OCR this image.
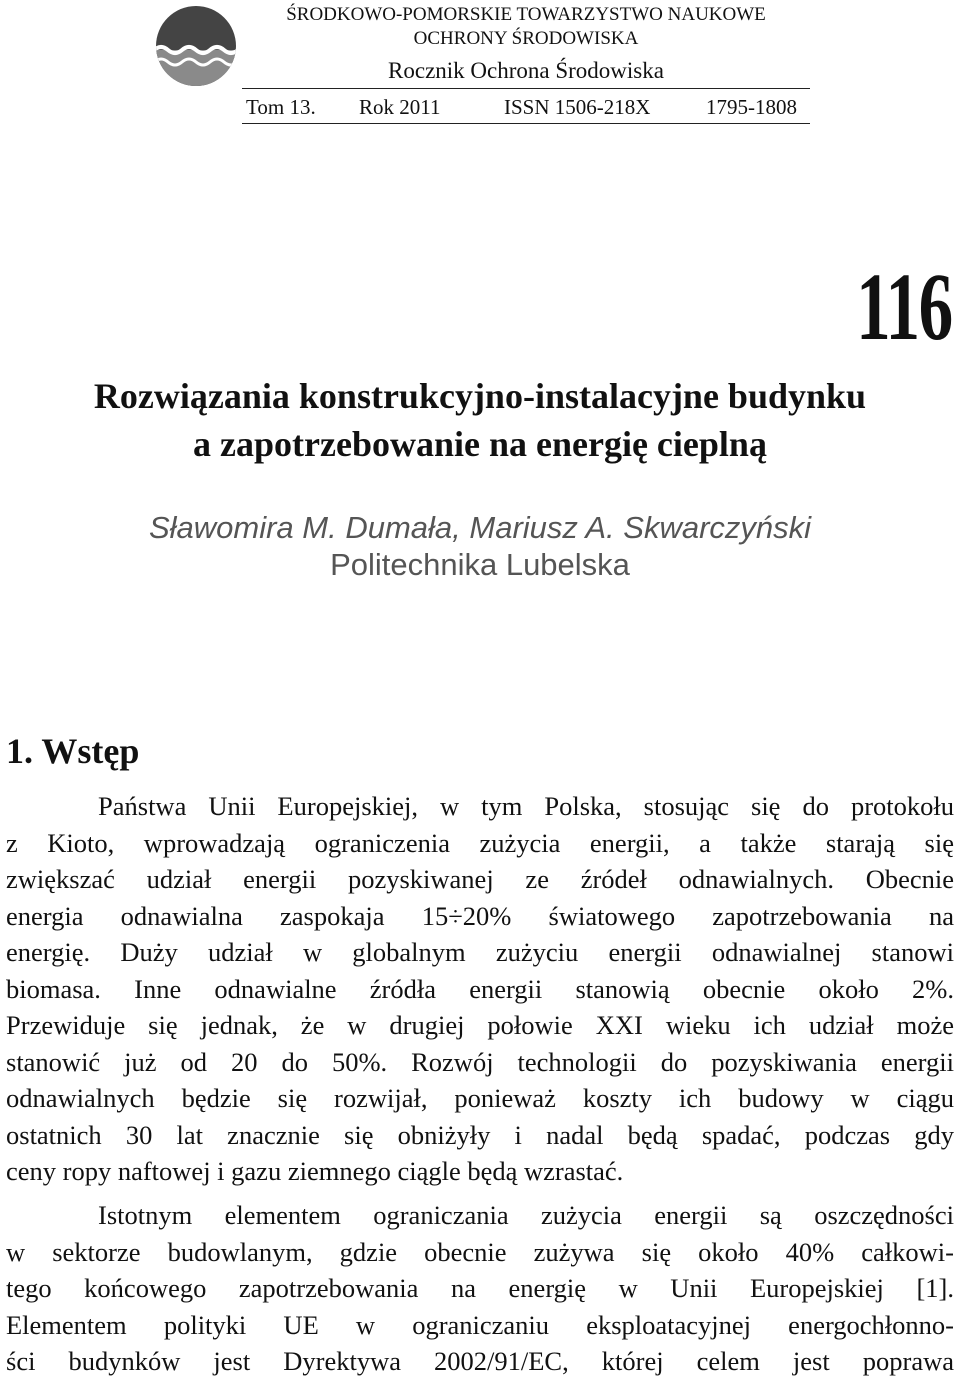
ŚRODKOWO-POMORSKIE TOWARZYSTWO NAUKOWE
OCHRONY ŚRODOWISKA
Rocznik Ochrona Środowiska
Tom 13. Rok 2011	ISSN 1506-218X	1795-1808
116
Rozwiązania konstrukcyjno-instalacyjne budynku
a zapotrzebowanie na energię cieplną
Sławomira M. Dumała, Mariusz A. Skwarczyński
Politechnika Lubelska
1. Wstęp
Państwa Unii Europejskiej, w tym Polska, stosując się do protokołu
z Kioto, wprowadzają ograniczenia zużycia energii, a także starają się
zwiększać udział energii pozyskiwanej ze źródeł odnawialnych. Obecnie
energia odnawialna zaspokaja 15÷20% światowego zapotrzebowania na
energię. Duży udział w globalnym zużyciu energii odnawialnej stanowi
biomasa. Inne odnawialne źródła energii stanowią obecnie około 2%.
Przewiduje się jednak, że w drugiej połowie XXI wieku ich udział może
stanowić już od 20 do 50%. Rozwój technologii do pozyskiwania energii
odnawialnych będzie się rozwijał, ponieważ koszty ich budowy w ciągu
ostatnich 30 lat znacznie się obniżyły i nadal będą spadać, podczas gdy
ceny ropy naftowej i gazu ziemnego ciągle będą wzrastać.
Istotnym elementem ograniczania zużycia energii są oszczędności
w sektorze budowlanym, gdzie obecnie zużywa się około 40% całkowi-
tego końcowego zapotrzebowania na energię w Unii Europejskiej [1].
Elementem polityki UE w ograniczaniu eksploatacyjnej energochłonno-
ści budynków jest Dyrektywa 2002/91/EC, której celem jest poprawa
